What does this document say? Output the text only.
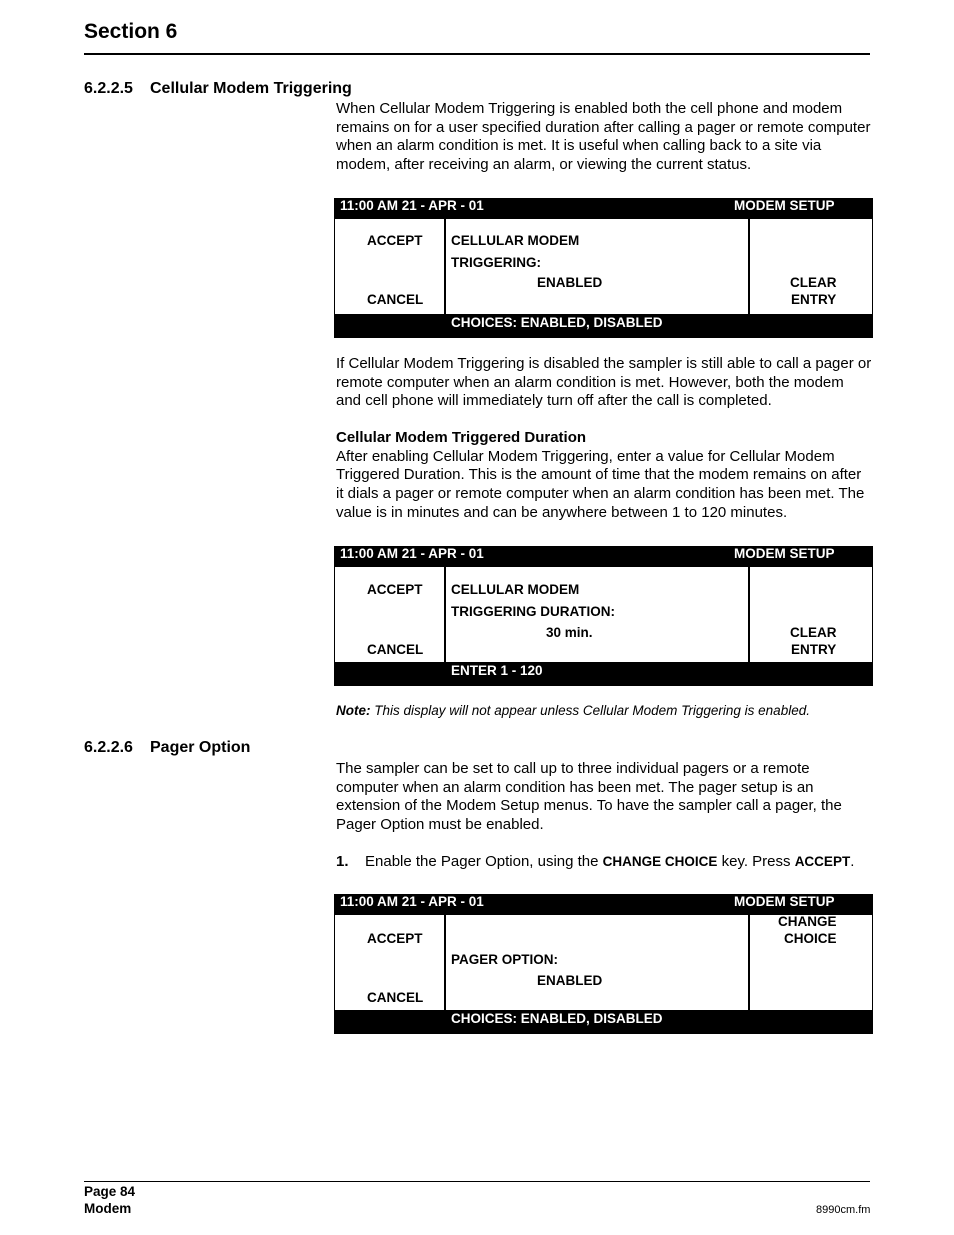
Section 6
6.2.2.5 Cellular Modem Triggering
When Cellular Modem Triggering is enabled both the cell phone and modem remains on for a user specified duration after calling a pager or remote computer when an alarm condition is met. It is useful when calling back to a site via modem, after receiving an alarm, or viewing the current status.
11:00 AM 21 - APR - 01	MODEM SETUP
ACCEPT
CANCEL
CELLULAR MODEM
TRIGGERING:
ENABLED	CLEAR
ENTRY
CHOICES: ENABLED, DISABLED
If Cellular Modem Triggering is disabled the sampler is still able to call a pager or remote computer when an alarm condition is met. However, both the modem and cell phone will immediately turn off after the call is completed.
Cellular Modem Triggered Duration
After enabling Cellular Modem Triggering, enter a value for Cellular Modem Triggered Duration. This is the amount of time that the modem remains on after it dials a pager or remote computer when an alarm condition has been met. The value is in minutes and can be anywhere between 1 to 120 minutes.
11:00 AM 21 - APR - 01	MODEM SETUP
ACCEPT
CANCEL
CELLULAR MODEM
TRIGGERING DURATION:
30 min.	CLEAR
ENTRY
ENTER 1 - 120
Note: This display will not appear unless Cellular Modem Triggering is enabled.
6.2.2.6 Pager Option
The sampler can be set to call up to three individual pagers or a remote computer when an alarm condition has been met. The pager setup is an extension of the Modem Setup menus. To have the sampler call a pager, the Pager Option must be enabled.
1. Enable the Pager Option, using the CHANGE CHOICE key. Press ACCEPT.
11:00 AM 21 - APR - 01	MODEM SETUP
ACCEPT
CANCEL
PAGER OPTION:
ENABLED
CHANGE
CHOICE
CHOICES: ENABLED, DISABLED
Page 84
Modem	8990cm.fm
